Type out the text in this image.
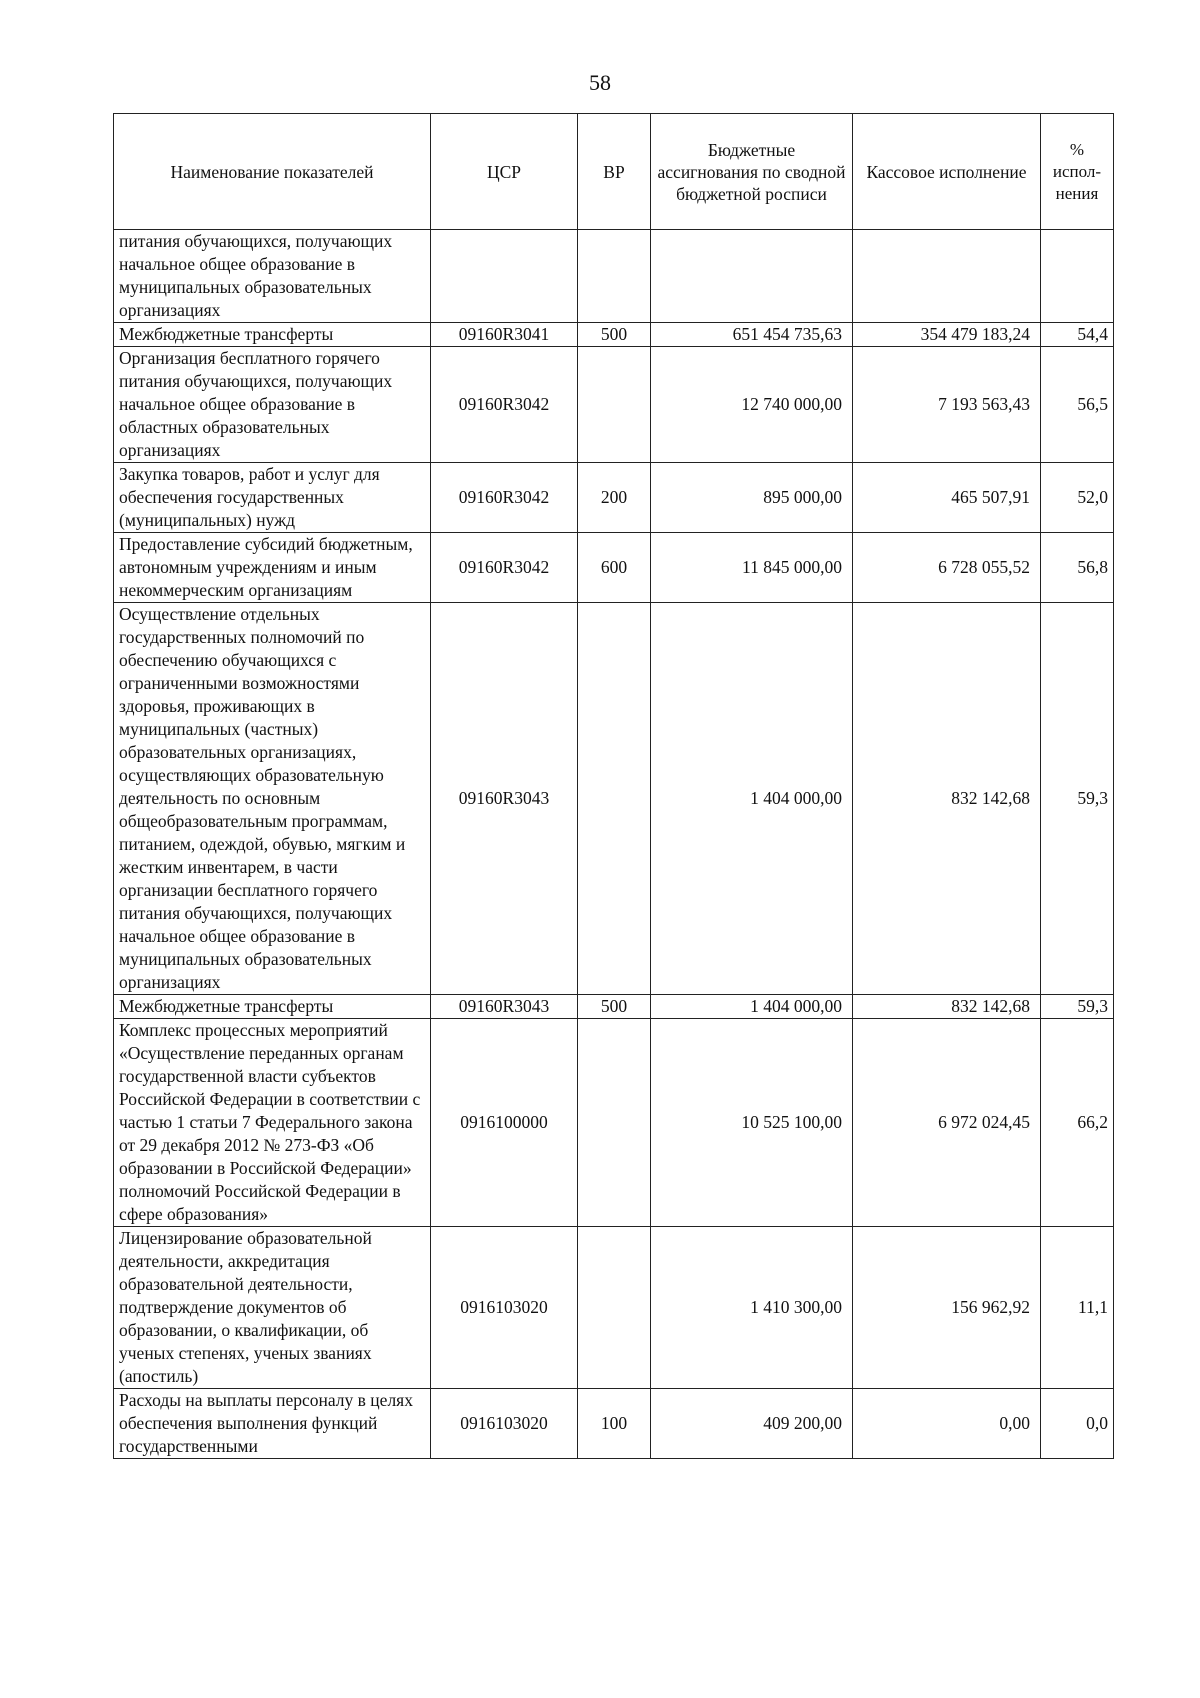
58
Наименование показателей	ЦСР	ВР	Бюджетные ассигнования по сводной бюджетной росписи	Кассовое исполнение	% испол-нения
питания обучающихся, получающих начальное общее образование в муниципальных образовательных организациях					
Межбюджетные трансферты	09160R3041	500	651 454 735,63	354 479 183,24	54,4
Организация бесплатного горячего питания обучающихся, получающих начальное общее образование в областных образовательных организациях	09160R3042		12 740 000,00	7 193 563,43	56,5
Закупка товаров, работ и услуг для обеспечения государственных (муниципальных) нужд	09160R3042	200	895 000,00	465 507,91	52,0
Предоставление субсидий бюджетным, автономным учреждениям и иным некоммерческим организациям	09160R3042	600	11 845 000,00	6 728 055,52	56,8
Осуществление отдельных государственных полномочий по обеспечению обучающихся с ограниченными возможностями здоровья, проживающих в муниципальных (частных) образовательных организациях, осуществляющих образовательную деятельность по основным общеобразовательным программам, питанием, одеждой, обувью, мягким и жестким инвентарем, в части организации бесплатного горячего питания обучающихся, получающих начальное общее образование в муниципальных образовательных организациях	09160R3043		1 404 000,00	832 142,68	59,3
Межбюджетные трансферты	09160R3043	500	1 404 000,00	832 142,68	59,3
Комплекс процессных мероприятий «Осуществление переданных органам государственной власти субъектов Российской Федерации в соответствии с частью 1 статьи 7 Федерального закона от 29 декабря 2012 № 273-ФЗ «Об образовании в Российской Федерации» полномочий Российской Федерации в сфере образования»	0916100000		10 525 100,00	6 972 024,45	66,2
Лицензирование образовательной деятельности, аккредитация образовательной деятельности, подтверждение документов об образовании, о квалификации, об ученых степенях, ученых званиях (апостиль)	0916103020		1 410 300,00	156 962,92	11,1
Расходы на выплаты персоналу в целях обеспечения выполнения функций государственными	0916103020	100	409 200,00	0,00	0,0
